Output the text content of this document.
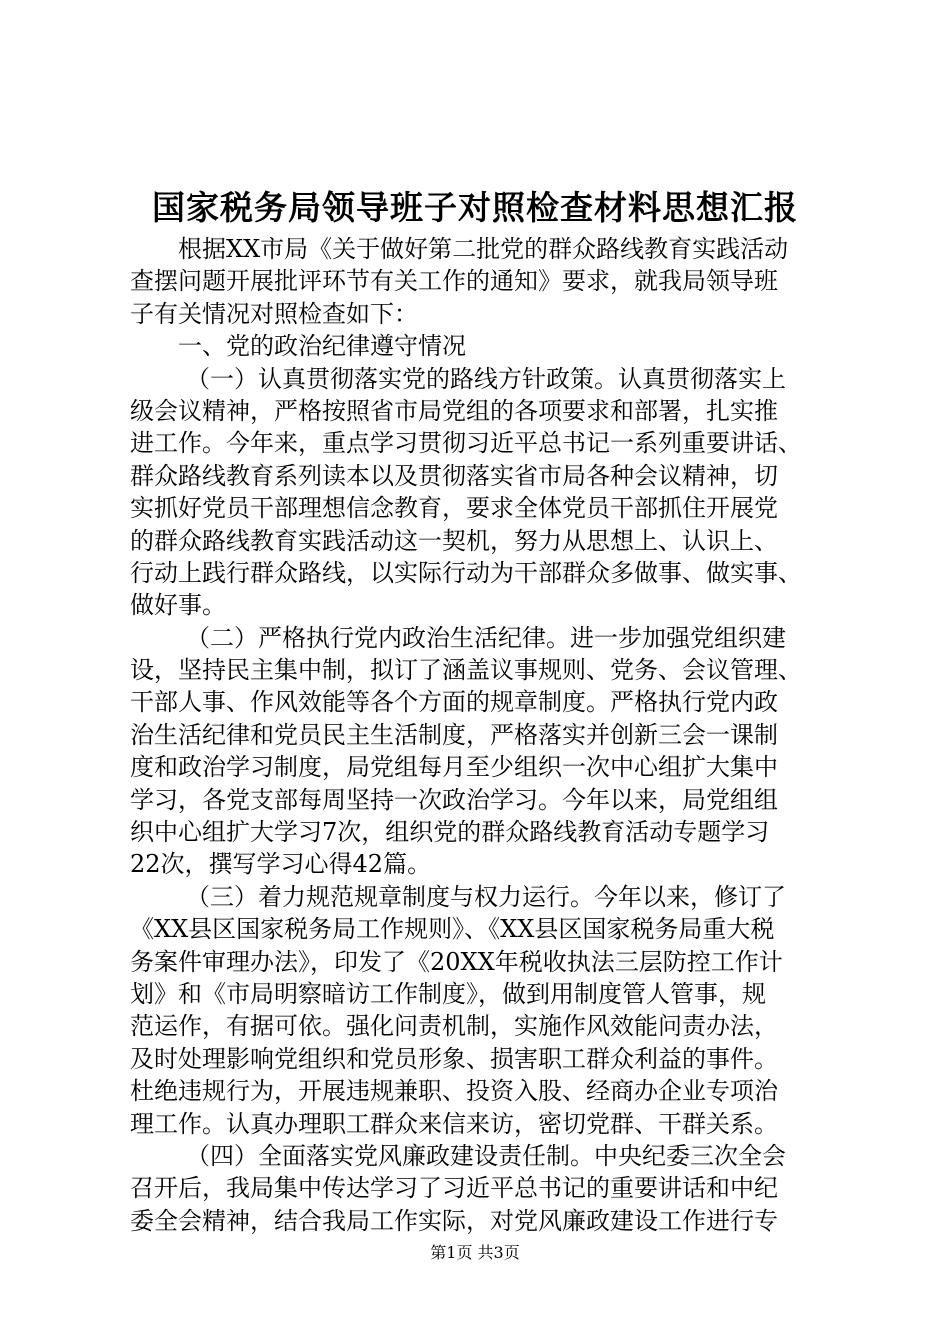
国家税务局领导班子对照检查材料思想汇报
根据XX市局《关于做好第二批党的群众路线教育实践活动
查摆问题开展批评环节有关工作的通知》要求，就我局领导班
子有关情况对照检查如下：
一、党的政治纪律遵守情况
（一）认真贯彻落实党的路线方针政策。认真贯彻落实上
级会议精神，严格按照省市局党组的各项要求和部署，扎实推
进工作。今年来，重点学习贯彻习近平总书记一系列重要讲话、
群众路线教育系列读本以及贯彻落实省市局各种会议精神，切
实抓好党员干部理想信念教育，要求全体党员干部抓住开展党
的群众路线教育实践活动这一契机，努力从思想上、认识上、
行动上践行群众路线，以实际行动为干部群众多做事、做实事、
做好事。
（二）严格执行党内政治生活纪律。进一步加强党组织建
设，坚持民主集中制，拟订了涵盖议事规则、党务、会议管理、
干部人事、作风效能等各个方面的规章制度。严格执行党内政
治生活纪律和党员民主生活制度，严格落实并创新三会一课制
度和政治学习制度，局党组每月至少组织一次中心组扩大集中
学习，各党支部每周坚持一次政治学习。今年以来，局党组组
织中心组扩大学习7次，组织党的群众路线教育活动专题学习
22次，撰写学习心得42篇。
（三）着力规范规章制度与权力运行。今年以来，修订了
《XX县区国家税务局工作规则》、《XX县区国家税务局重大税
务案件审理办法》，印发了《20XX年税收执法三层防控工作计
划》和《市局明察暗访工作制度》，做到用制度管人管事，规
范运作，有据可依。强化问责机制，实施作风效能问责办法，
及时处理影响党组织和党员形象、损害职工群众利益的事件。
杜绝违规行为，开展违规兼职、投资入股、经商办企业专项治
理工作。认真办理职工群众来信来访，密切党群、干群关系。
（四）全面落实党风廉政建设责任制。中央纪委三次全会
召开后，我局集中传达学习了习近平总书记的重要讲话和中纪
委全会精神，结合我局工作实际，对党风廉政建设工作进行专
第1页 共3页
